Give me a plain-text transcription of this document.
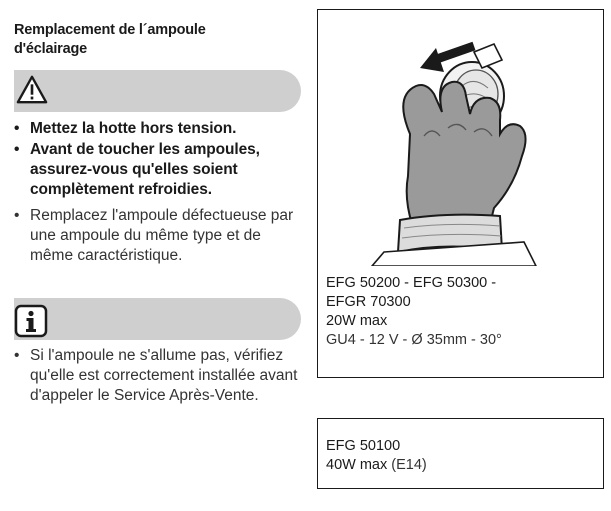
Remplacement de l´ampoule
d'éclairage

• Mettez la hotte hors tension.

• Avant de toucher les ampoules, assurez-vous qu'elles soient complètement refroidies.

• Remplacez l'ampoule défectueuse par une ampoule du même type et de même caractéristique.

• Si l'ampoule ne s'allume pas, vérifiez qu'elle est correctement installée avant d'appeler le Service Après-Vente.

EFG 50200 - EFG 50300 -
EFGR 70300
20W max
GU4 - 12 V - Ø 35mm - 30°
EFG 50100
40W max (E14)
